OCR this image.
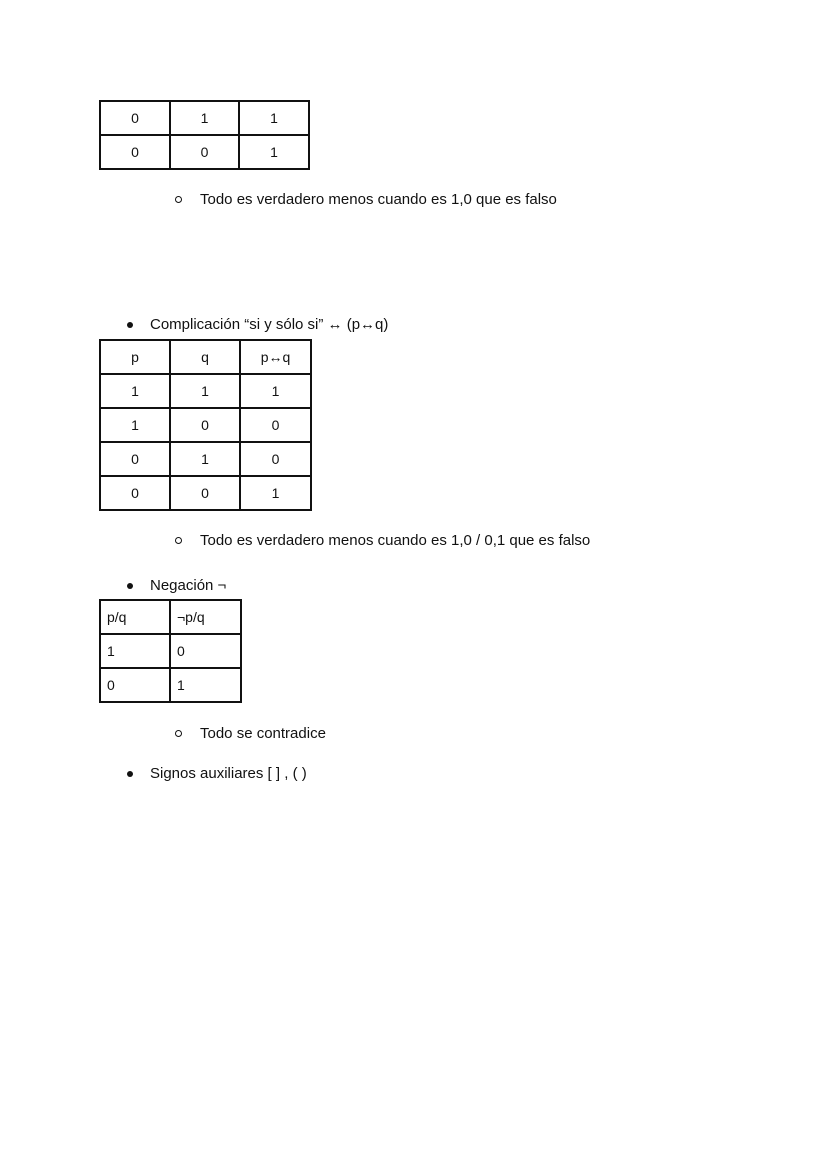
0	1	1
0	0	1
Todo es verdadero menos cuando es 1,0 que es falso
Complicación “si y sólo si” ↔ (p↔q)
p	q	p↔q
1	1	1
1	0	0
0	1	0
0	0	1
Todo es verdadero menos cuando es 1,0 / 0,1 que es falso
Negación ¬
p/q	¬p/q
1	0
0	1
Todo se contradice
Signos auxiliares [ ] , ( )
